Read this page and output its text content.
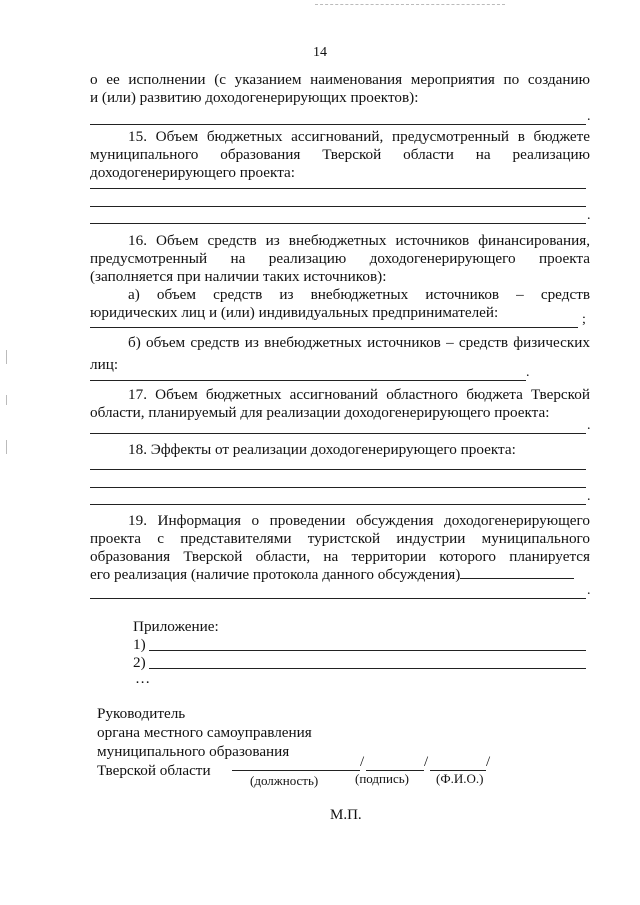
14
о ее исполнении (с указанием наименования мероприятия по созданию
и (или) развитию доходогенерирующих проектов):
.
15. Объем бюджетных ассигнований, предусмотренный в бюджете
муниципального образования Тверской области на реализацию
доходогенерирующего проекта:
.
16. Объем средств из внебюджетных источников финансирования,
предусмотренный на реализацию доходогенерирующего проекта
(заполняется при наличии таких источников):
а) объем средств из внебюджетных источников – средств
юридических лиц и (или) индивидуальных предпринимателей:	;
б) объем средств из внебюджетных источников – средств физических
лиц:	.
17. Объем бюджетных ассигнований областного бюджета Тверской
области, планируемый для реализации доходогенерирующего проекта:
.
18. Эффекты от реализации доходогенерирующего проекта:
.
19. Информация о проведении обсуждения доходогенерирующего
проекта с представителями туристской индустрии муниципального
образования Тверской области, на территории которого планируется
его реализация (наличие протокола данного обсуждения)
.
Приложение:
1)
2)
…
Руководитель
органа местного самоуправления
муниципального образования
Тверской области	/	/	/
(должность)	(подпись) (Ф.И.О.)
М.П.
